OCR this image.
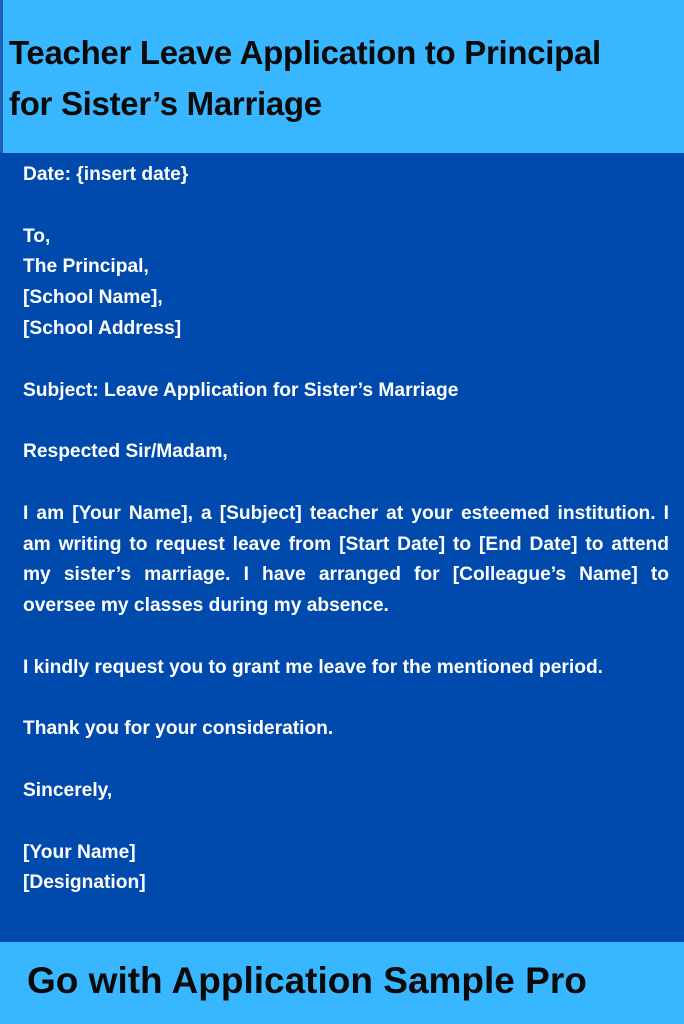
Teacher Leave Application to Principal
for Sister’s Marriage

Date: {insert date}

To,
The Principal,
[School Name],
[School Address]

Subject: Leave Application for Sister’s Marriage

Respected Sir/Madam,

I am [Your Name], a [Subject] teacher at your esteemed institution. I am writing to request leave from [Start Date] to [End Date] to attend my sister’s marriage. I have arranged for [Colleague’s Name] to oversee my classes during my absence.

I kindly request you to grant me leave for the mentioned period.

Thank you for your consideration.

Sincerely,

[Your Name]
[Designation]

Go with Application Sample Pro
